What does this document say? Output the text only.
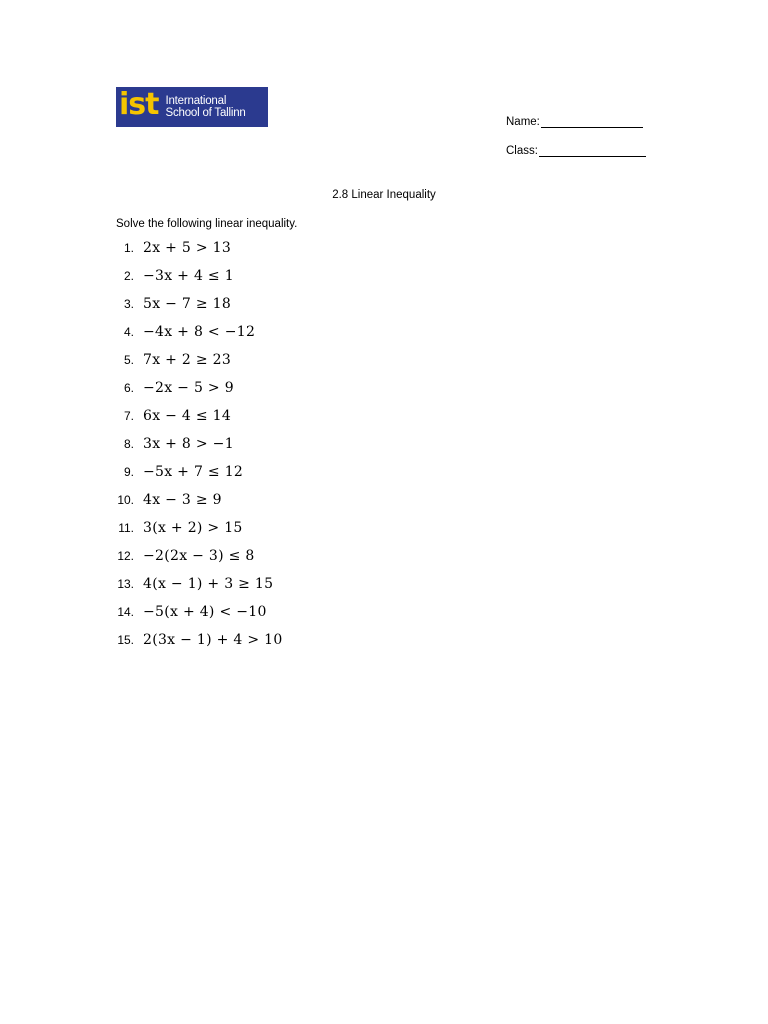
ist International
School of Tallinn
Name:
Class:
2.8 Linear Inequality
Solve the following linear inequality.
1. 2x + 5 > 13
2. −3x + 4 ≤ 1
3. 5x − 7 ≥ 18
4. −4x + 8 < −12
5. 7x + 2 ≥ 23
6. −2x − 5 > 9
7. 6x − 4 ≤ 14
8. 3x + 8 > −1
9. −5x + 7 ≤ 12
10. 4x − 3 ≥ 9
11. 3(x + 2) > 15
12. −2(2x − 3) ≤ 8
13. 4(x − 1) + 3 ≥ 15
14. −5(x + 4) < −10
15. 2(3x − 1) + 4 > 10
